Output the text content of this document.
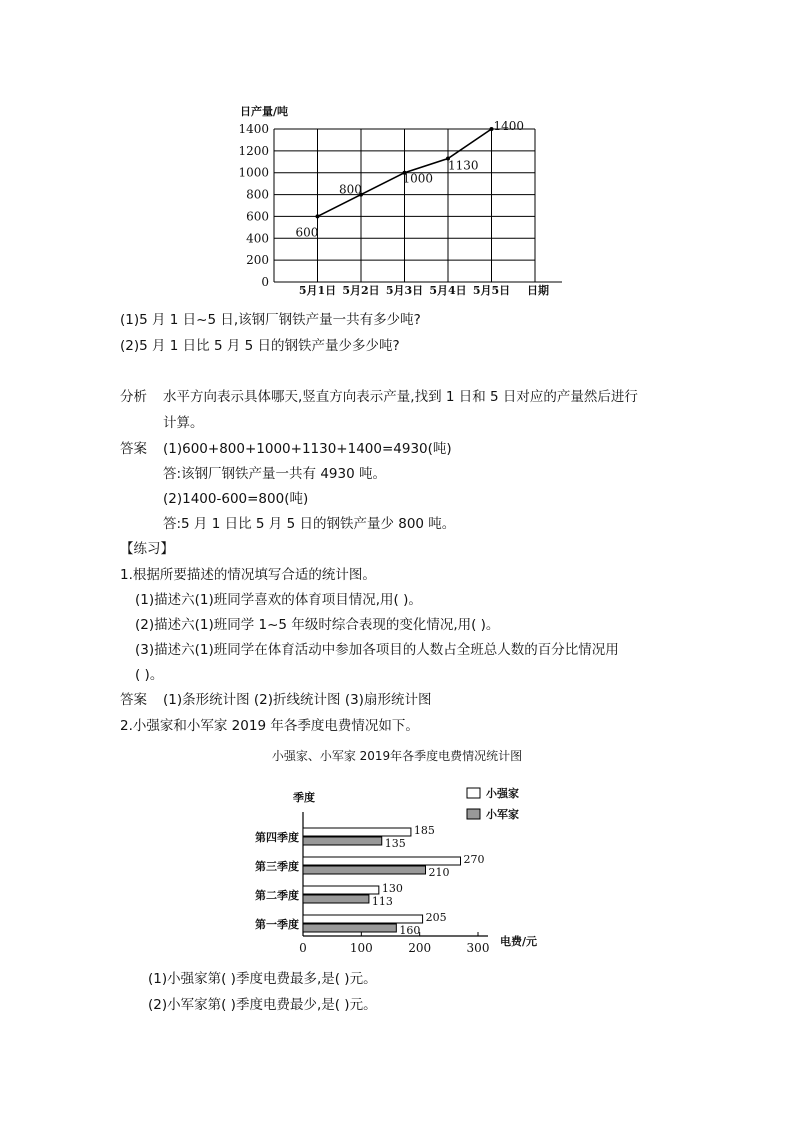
日产量/吨
0
200
400
600
800
1000
1200
1400
5月1日 5月2日 5月3日 5月4日 5月5日
600
800
1000
1130
1400
日期
(1)5 月 1 日~5 日,该钢厂钢铁产量一共有多少吨?
(2)5 月 1 日比 5 月 5 日的钢铁产量少多少吨?
分析 水平方向表示具体哪天,竖直方向表示产量,找到 1 日和 5 日对应的产量然后进行
计算。
答案 (1)600+800+1000+1130+1400=4930(吨)
答:该钢厂钢铁产量一共有 4930 吨。
(2)1400-600=800(吨)
答:5 月 1 日比 5 月 5 日的钢铁产量少 800 吨。
【练习】
1.根据所要描述的情况填写合适的统计图。
(1)描述六(1)班同学喜欢的体育项目情况,用( )。
(2)描述六(1)班同学 1~5 年级时综合表现的变化情况,用( )。
(3)描述六(1)班同学在体育活动中参加各项目的人数占全班总人数的百分比情况用
( )。
答案 (1)条形统计图 (2)折线统计图 (3)扇形统计图
2.小强家和小军家 2019 年各季度电费情况如下。
小强家、小军家 2019年各季度电费情况统计图
季度	小强家
小军家
第四季度
第三季度
第二季度
第一季度
185
135
270
210
130
113
205
160
0	100	200	300 电费/元
(1)小强家第( )季度电费最多,是( )元。
(2)小军家第( )季度电费最少,是( )元。
